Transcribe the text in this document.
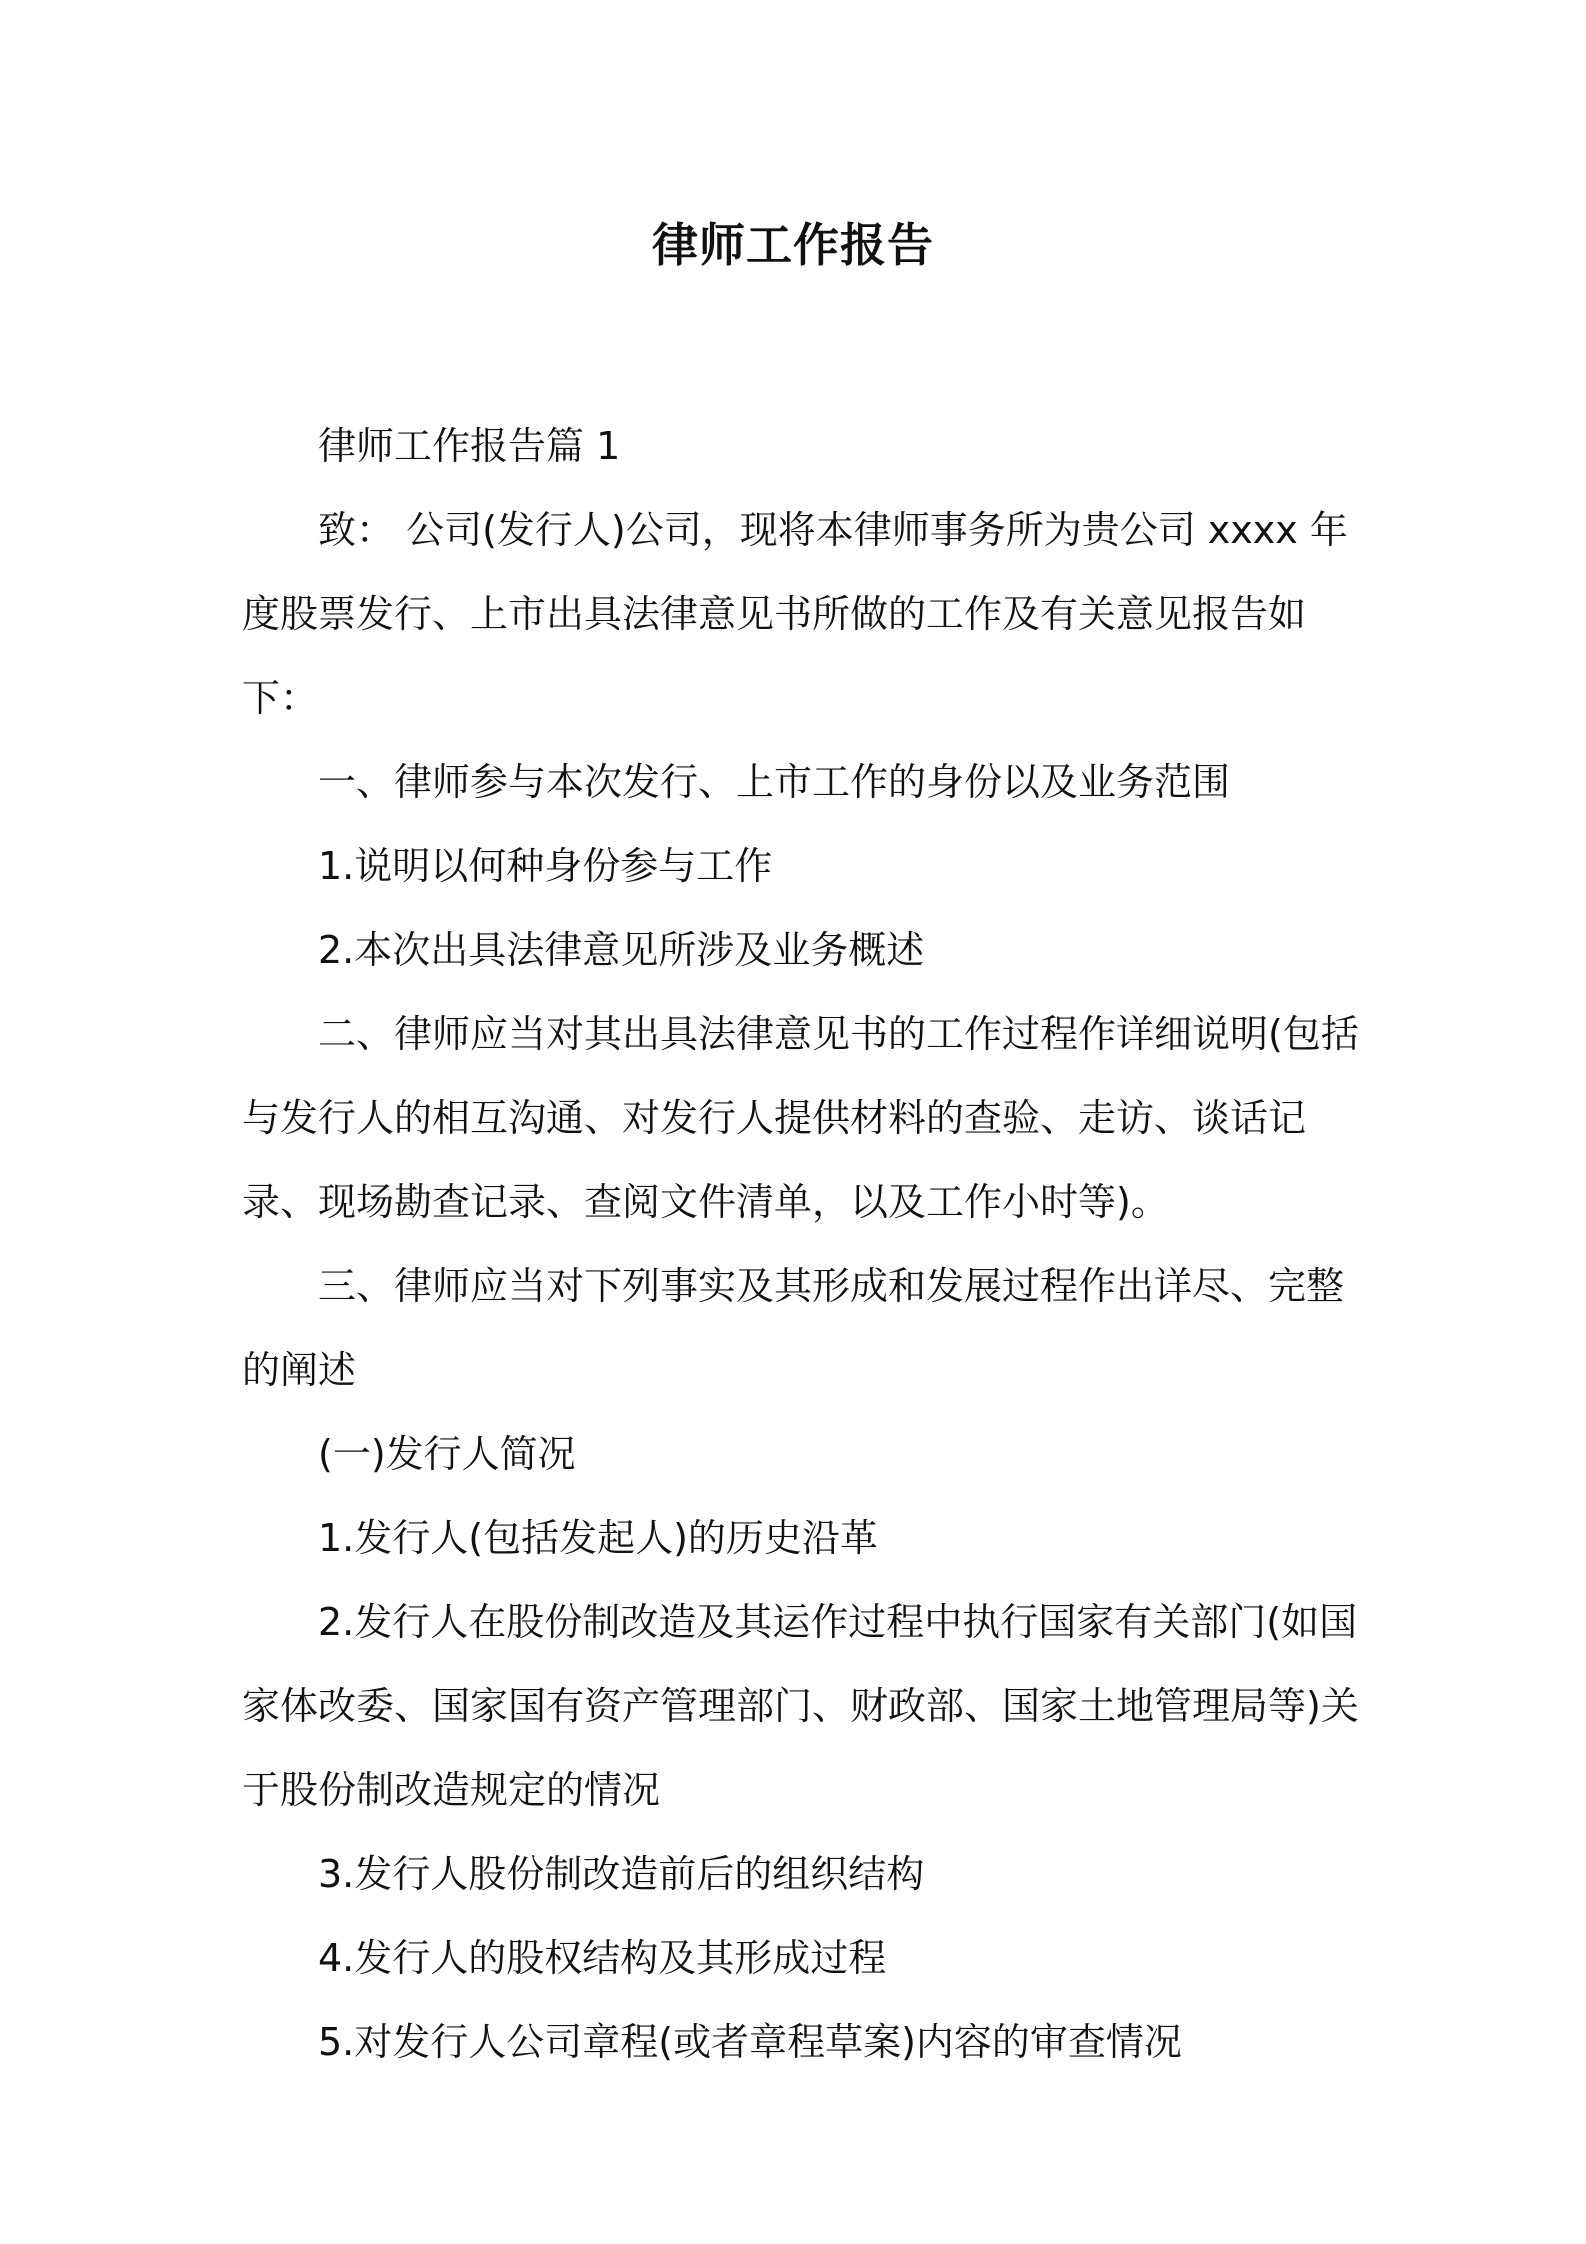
律师工作报告

律师工作报告篇 1

致： 公司(发行人)公司，现将本律师事务所为贵公司 xxxx 年度股票发行、上市出具法律意见书所做的工作及有关意见报告如下：

一、律师参与本次发行、上市工作的身份以及业务范围

1.说明以何种身份参与工作

2.本次出具法律意见所涉及业务概述

二、律师应当对其出具法律意见书的工作过程作详细说明(包括与发行人的相互沟通、对发行人提供材料的查验、走访、谈话记录、现场勘查记录、查阅文件清单，以及工作小时等)。

三、律师应当对下列事实及其形成和发展过程作出详尽、完整的阐述

(一)发行人简况

1.发行人(包括发起人)的历史沿革

2.发行人在股份制改造及其运作过程中执行国家有关部门(如国家体改委、国家国有资产管理部门、财政部、国家土地管理局等)关于股份制改造规定的情况

3.发行人股份制改造前后的组织结构

4.发行人的股权结构及其形成过程

5.对发行人公司章程(或者章程草案)内容的审查情况
